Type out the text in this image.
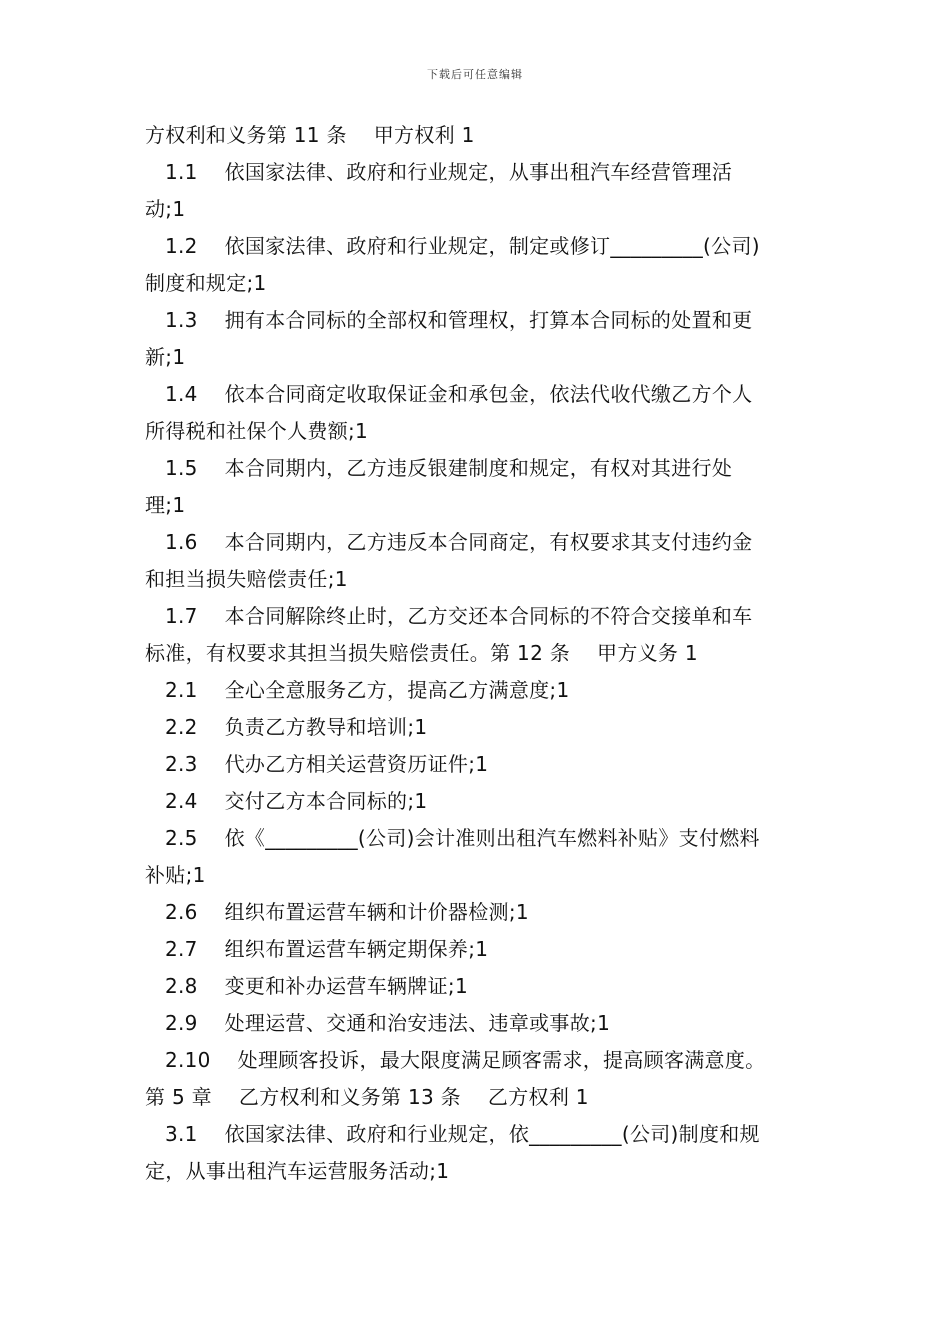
下载后可任意编辑
方权利和义务第 11 条　 甲方权利 1
1.1　 依国家法律、政府和行业规定，从事出租汽车经营管理活
动;1
1.2　 依国家法律、政府和行业规定，制定或修订_________(公司)
制度和规定;1
1.3　 拥有本合同标的全部权和管理权，打算本合同标的处置和更
新;1
1.4　 依本合同商定收取保证金和承包金，依法代收代缴乙方个人
所得税和社保个人费额;1
1.5　 本合同期内，乙方违反银建制度和规定，有权对其进行处
理;1
1.6　 本合同期内，乙方违反本合同商定，有权要求其支付违约金
和担当损失赔偿责任;1
1.7　 本合同解除终止时，乙方交还本合同标的不符合交接单和车
标准，有权要求其担当损失赔偿责任。第 12 条　 甲方义务 1
2.1　 全心全意服务乙方，提高乙方满意度;1
2.2　 负责乙方教导和培训;1
2.3　 代办乙方相关运营资历证件;1
2.4　 交付乙方本合同标的;1
2.5　 依《_________(公司)会计准则出租汽车燃料补贴》支付燃料
补贴;1
2.6　 组织布置运营车辆和计价器检测;1
2.7　 组织布置运营车辆定期保养;1
2.8　 变更和补办运营车辆牌证;1
2.9　 处理运营、交通和治安违法、违章或事故;1
2.10　 处理顾客投诉，最大限度满足顾客需求，提高顾客满意度。
第 5 章　 乙方权利和义务第 13 条　 乙方权利 1
3.1　 依国家法律、政府和行业规定，依_________(公司)制度和规
定，从事出租汽车运营服务活动;1
